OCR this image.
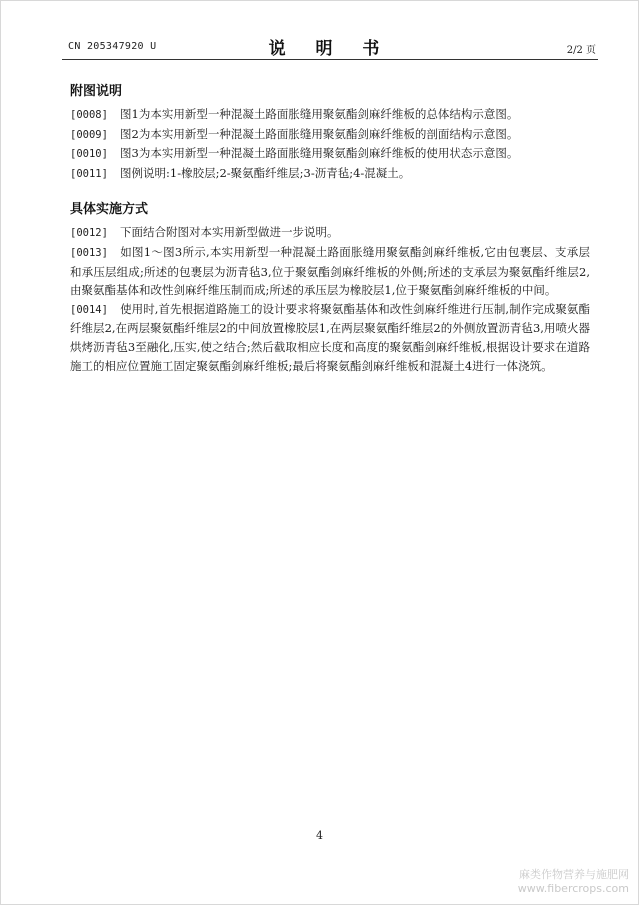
CN 205347920 U	说 明 书	2/2 页
附图说明

[0008] 图1为本实用新型一种混凝土路面胀缝用聚氨酯剑麻纤维板的总体结构示意图。

[0009] 图2为本实用新型一种混凝土路面胀缝用聚氨酯剑麻纤维板的剖面结构示意图。

[0010] 图3为本实用新型一种混凝土路面胀缝用聚氨酯剑麻纤维板的使用状态示意图。

[0011] 图例说明:1-橡胶层;2-聚氨酯纤维层;3-沥青毡;4-混凝土。

具体实施方式

[0012] 下面结合附图对本实用新型做进一步说明。

[0013] 如图1～图3所示,本实用新型一种混凝土路面胀缝用聚氨酯剑麻纤维板,它由包裹层、支承层和承压层组成;所述的包裹层为沥青毡3,位于聚氨酯剑麻纤维板的外侧;所述的支承层为聚氨酯纤维层2,由聚氨酯基体和改性剑麻纤维压制而成;所述的承压层为橡胶层1,位于聚氨酯剑麻纤维板的中间。

[0014] 使用时,首先根据道路施工的设计要求将聚氨酯基体和改性剑麻纤维进行压制,制作完成聚氨酯纤维层2,在两层聚氨酯纤维层2的中间放置橡胶层1,在两层聚氨酯纤维层2的外侧放置沥青毡3,用喷火器烘烤沥青毡3至融化,压实,使之结合;然后截取相应长度和高度的聚氨酯剑麻纤维板,根据设计要求在道路施工的相应位置施工固定聚氨酯剑麻纤维板;最后将聚氨酯剑麻纤维板和混凝土4进行一体浇筑。

4
麻类作物营养与施肥网
www.fibercrops.com
